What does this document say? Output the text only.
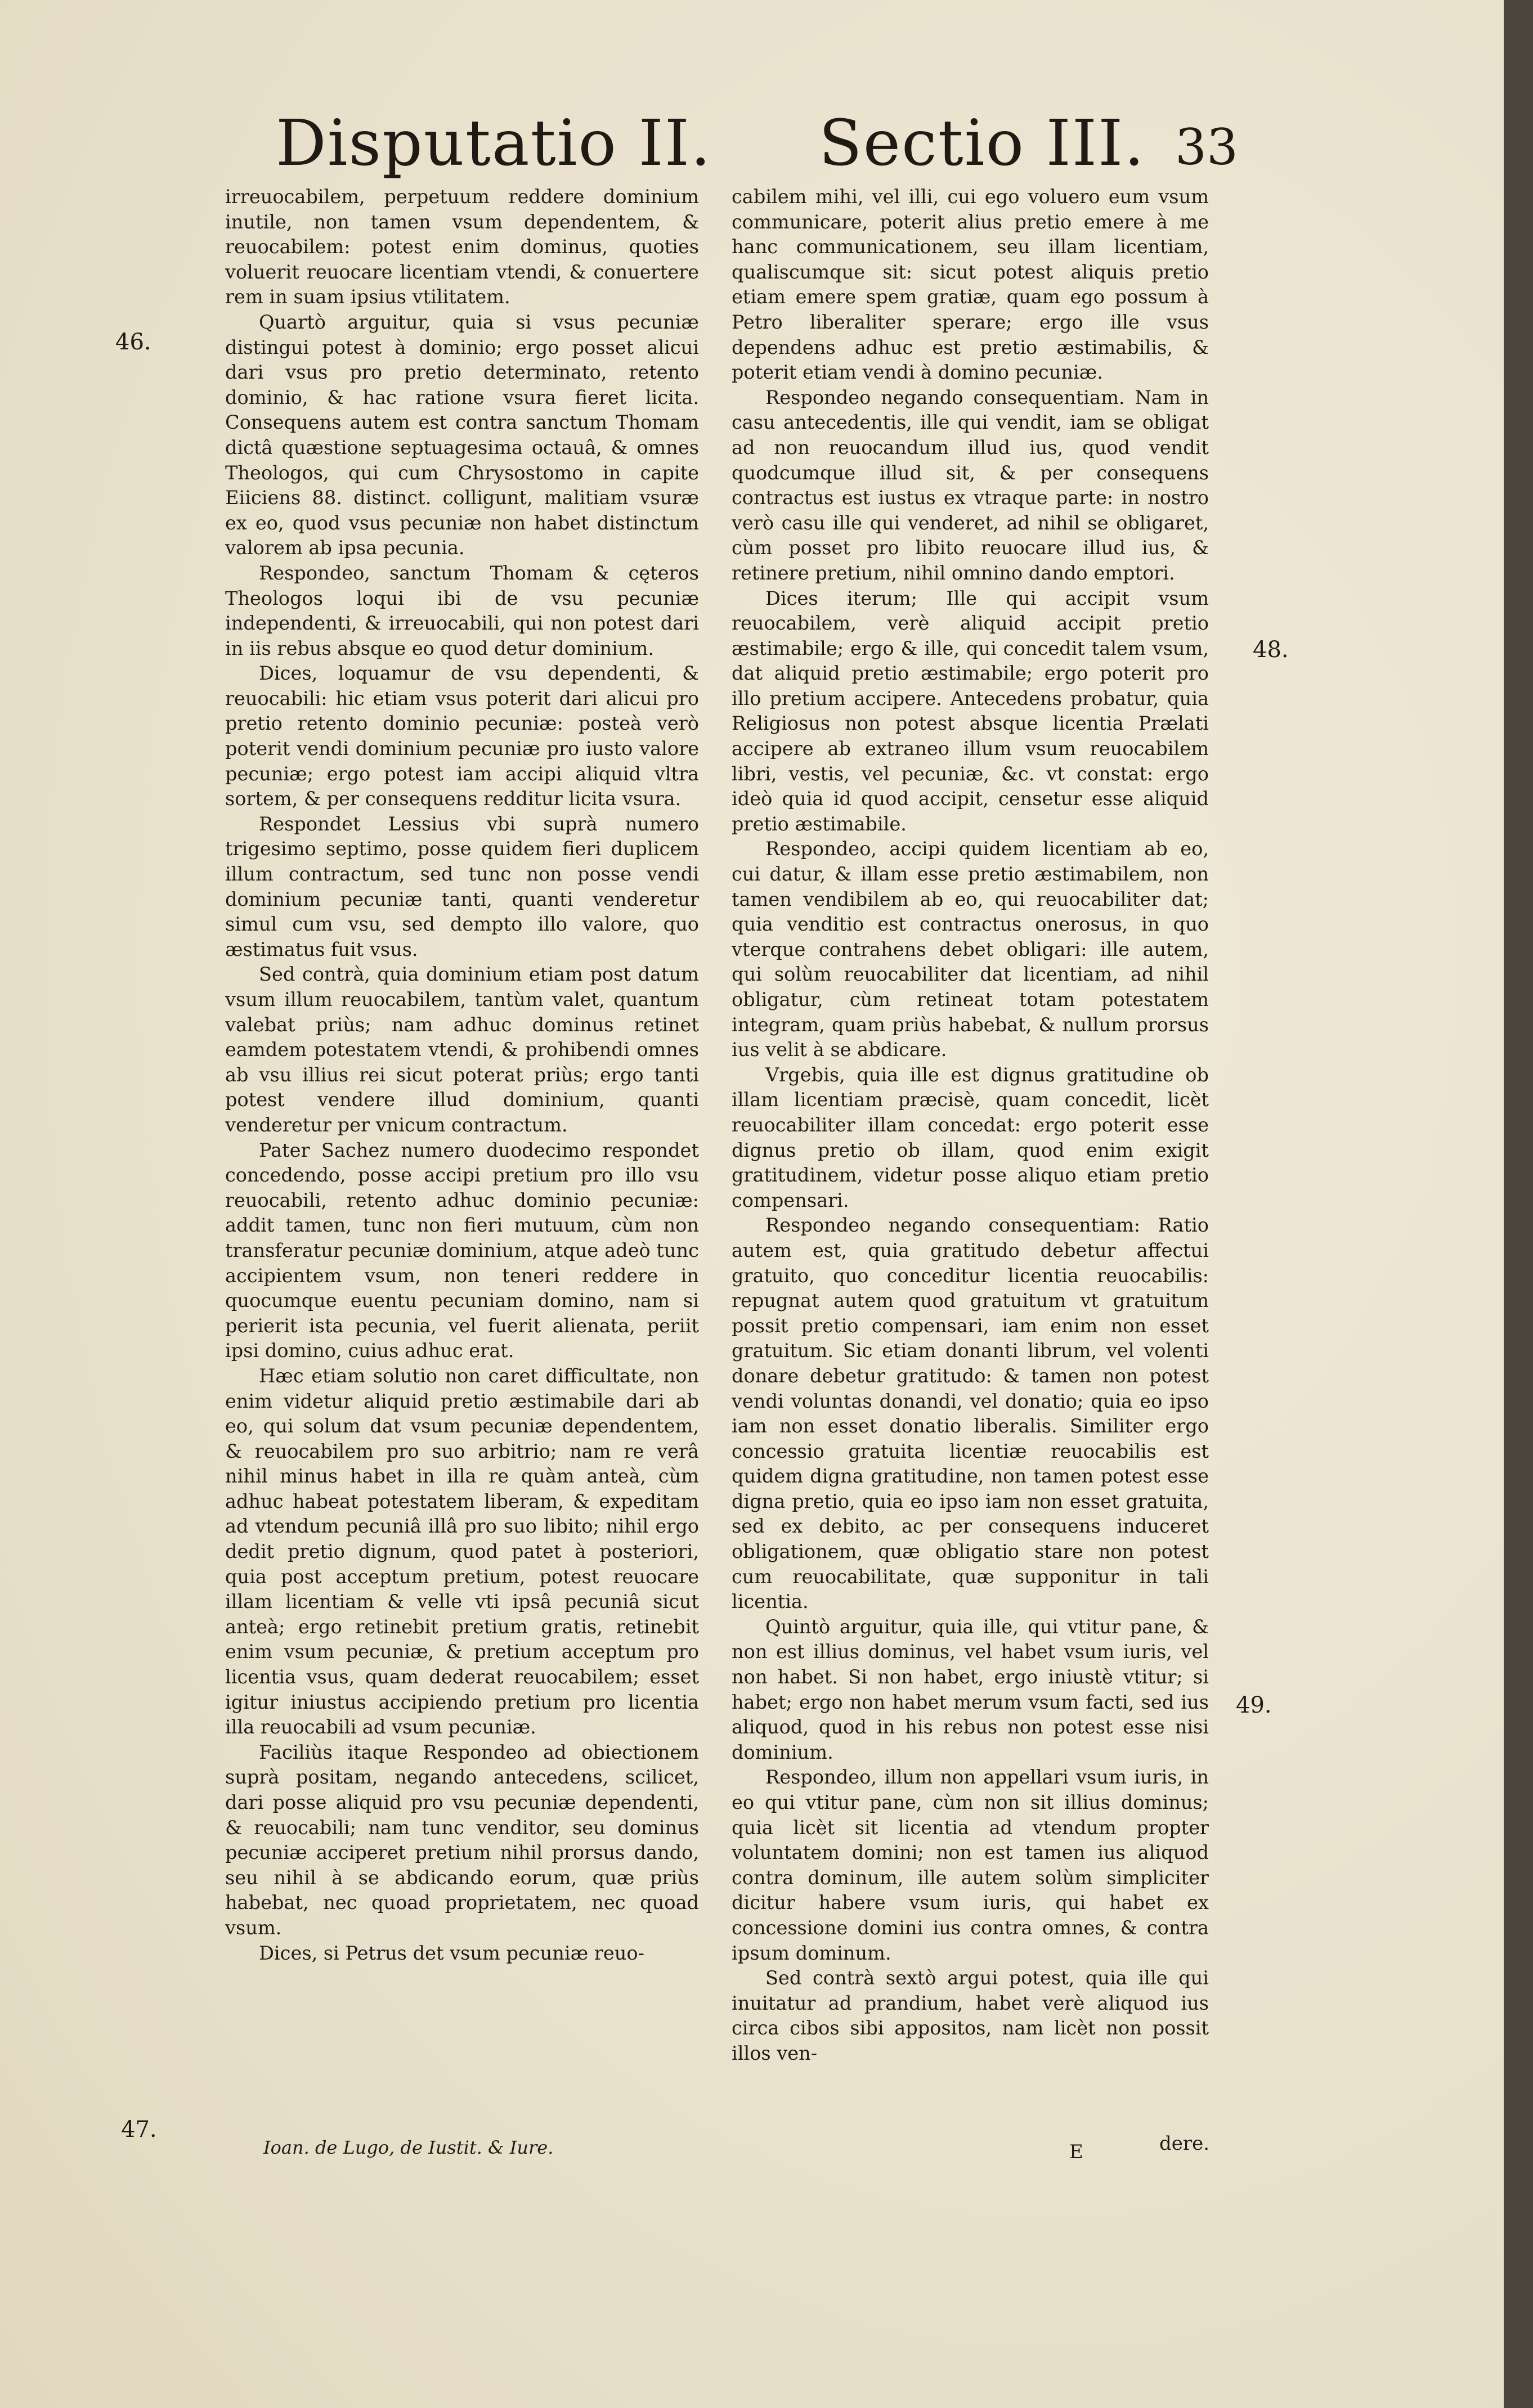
Disputatio II. Sectio III. 33

irreuocabilem, perpetuum reddere dominium inutile, non tamen vsum dependentem, & reuocabilem: potest enim dominus, quoties voluerit reuocare licentiam vtendi, & conuertere rem in suam ipsius vtilitatem.

Quartò arguitur, quia si vsus pecuniæ distingui potest à dominio; ergo posset alicui dari vsus pro pretio determinato, retento dominio, & hac ratione vsura fieret licita. Consequens autem est contra sanctum Thomam dictâ quæstione septuagesima octauâ, & omnes Theologos, qui cum Chrysostomo in capite Eiiciens 88. distinct. colligunt, malitiam vsuræ ex eo, quod vsus pecuniæ non habet distinctum valorem ab ipsa pecunia.

Respondeo, sanctum Thomam & cęteros Theologos loqui ibi de vsu pecuniæ independenti, & irreuocabili, qui non potest dari in iis rebus absque eo quod detur dominium.

Dices, loquamur de vsu dependenti, & reuocabili: hic etiam vsus poterit dari alicui pro pretio retento dominio pecuniæ: posteà verò poterit vendi dominium pecuniæ pro iusto valore pecuniæ; ergo potest iam accipi aliquid vltra sortem, & per consequens redditur licita vsura.

Respondet Lessius vbi suprà numero trigesimo septimo, posse quidem fieri duplicem illum contractum, sed tunc non posse vendi dominium pecuniæ tanti, quanti venderetur simul cum vsu, sed dempto illo valore, quo æstimatus fuit vsus.

Sed contrà, quia dominium etiam post datum vsum illum reuocabilem, tantùm valet, quantum valebat priùs; nam adhuc dominus retinet eamdem potestatem vtendi, & prohibendi omnes ab vsu illius rei sicut poterat priùs; ergo tanti potest vendere illud dominium, quanti venderetur per vnicum contractum.

Pater Sachez numero duodecimo respondet concedendo, posse accipi pretium pro illo vsu reuocabili, retento adhuc dominio pecuniæ: addit tamen, tunc non fieri mutuum, cùm non transferatur pecuniæ dominium, atque adeò tunc accipientem vsum, non teneri reddere in quocumque euentu pecuniam domino, nam si perierit ista pecunia, vel fuerit alienata, periit ipsi domino, cuius adhuc erat.

Hæc etiam solutio non caret difficultate, non enim videtur aliquid pretio æstimabile dari ab eo, qui solum dat vsum pecuniæ dependentem, & reuocabilem pro suo arbitrio; nam re verâ nihil minus habet in illa re quàm anteà, cùm adhuc habeat potestatem liberam, & expeditam ad vtendum pecuniâ illâ pro suo libito; nihil ergo dedit pretio dignum, quod patet à posteriori, quia post acceptum pretium, potest reuocare illam licentiam & velle vti ipsâ pecuniâ sicut anteà; ergo retinebit pretium gratis, retinebit enim vsum pecuniæ, & pretium acceptum pro licentia vsus, quam dederat reuocabilem; esset igitur iniustus accipiendo pretium pro licentia illa reuocabili ad vsum pecuniæ.

Faciliùs itaque Respondeo ad obiectionem suprà positam, negando antecedens, scilicet, dari posse aliquid pro vsu pecuniæ dependenti, & reuocabili; nam tunc venditor, seu dominus pecuniæ acciperet pretium nihil prorsus dando, seu nihil à se abdicando eorum, quæ priùs habebat, nec quoad proprietatem, nec quoad vsum.

Dices, si Petrus det vsum pecuniæ reuo-

cabilem mihi, vel illi, cui ego voluero eum vsum communicare, poterit alius pretio emere à me hanc communicationem, seu illam licentiam, qualiscumque sit: sicut potest aliquis pretio etiam emere spem gratiæ, quam ego possum à Petro liberaliter sperare; ergo ille vsus dependens adhuc est pretio æstimabilis, & poterit etiam vendi à domino pecuniæ.

Respondeo negando consequentiam. Nam in casu antecedentis, ille qui vendit, iam se obligat ad non reuocandum illud ius, quod vendit quodcumque illud sit, & per consequens contractus est iustus ex vtraque parte: in nostro verò casu ille qui venderet, ad nihil se obligaret, cùm posset pro libito reuocare illud ius, & retinere pretium, nihil omnino dando emptori.

Dices iterum; Ille qui accipit vsum reuocabilem, verè aliquid accipit pretio æstimabile; ergo & ille, qui concedit talem vsum, dat aliquid pretio æstimabile; ergo poterit pro illo pretium accipere. Antecedens probatur, quia Religiosus non potest absque licentia Prælati accipere ab extraneo illum vsum reuocabilem libri, vestis, vel pecuniæ, &c. vt constat: ergo ideò quia id quod accipit, censetur esse aliquid pretio æstimabile.

Respondeo, accipi quidem licentiam ab eo, cui datur, & illam esse pretio æstimabilem, non tamen vendibilem ab eo, qui reuocabiliter dat; quia venditio est contractus onerosus, in quo vterque contrahens debet obligari: ille autem, qui solùm reuocabiliter dat licentiam, ad nihil obligatur, cùm retineat totam potestatem integram, quam priùs habebat, & nullum prorsus ius velit à se abdicare.

Vrgebis, quia ille est dignus gratitudine ob illam licentiam præcisè, quam concedit, licèt reuocabiliter illam concedat: ergo poterit esse dignus pretio ob illam, quod enim exigit gratitudinem, videtur posse aliquo etiam pretio compensari.

Respondeo negando consequentiam: Ratio autem est, quia gratitudo debetur affectui gratuito, quo conceditur licentia reuocabilis: repugnat autem quod gratuitum vt gratuitum possit pretio compensari, iam enim non esset gratuitum. Sic etiam donanti librum, vel volenti donare debetur gratitudo: & tamen non potest vendi voluntas donandi, vel donatio; quia eo ipso iam non esset donatio liberalis. Similiter ergo concessio gratuita licentiæ reuocabilis est quidem digna gratitudine, non tamen potest esse digna pretio, quia eo ipso iam non esset gratuita, sed ex debito, ac per consequens induceret obligationem, quæ obligatio stare non potest cum reuocabilitate, quæ supponitur in tali licentia.

Quintò arguitur, quia ille, qui vtitur pane, & non est illius dominus, vel habet vsum iuris, vel non habet. Si non habet, ergo iniustè vtitur; si habet; ergo non habet merum vsum facti, sed ius aliquod, quod in his rebus non potest esse nisi dominium.

Respondeo, illum non appellari vsum iuris, in eo qui vtitur pane, cùm non sit illius dominus; quia licèt sit licentia ad vtendum propter voluntatem domini; non est tamen ius aliquod contra dominum, ille autem solùm simpliciter dicitur habere vsum iuris, qui habet ex concessione domini ius contra omnes, & contra ipsum dominum.

Sed contrà sextò argui potest, quia ille qui inuitatur ad prandium, habet verè aliquod ius circa cibos sibi appositos, nam licèt non possit illos ven-

46.
47.
48.
49.
Ioan. de Lugo, de Iustit. & Iure.	E	dere.
